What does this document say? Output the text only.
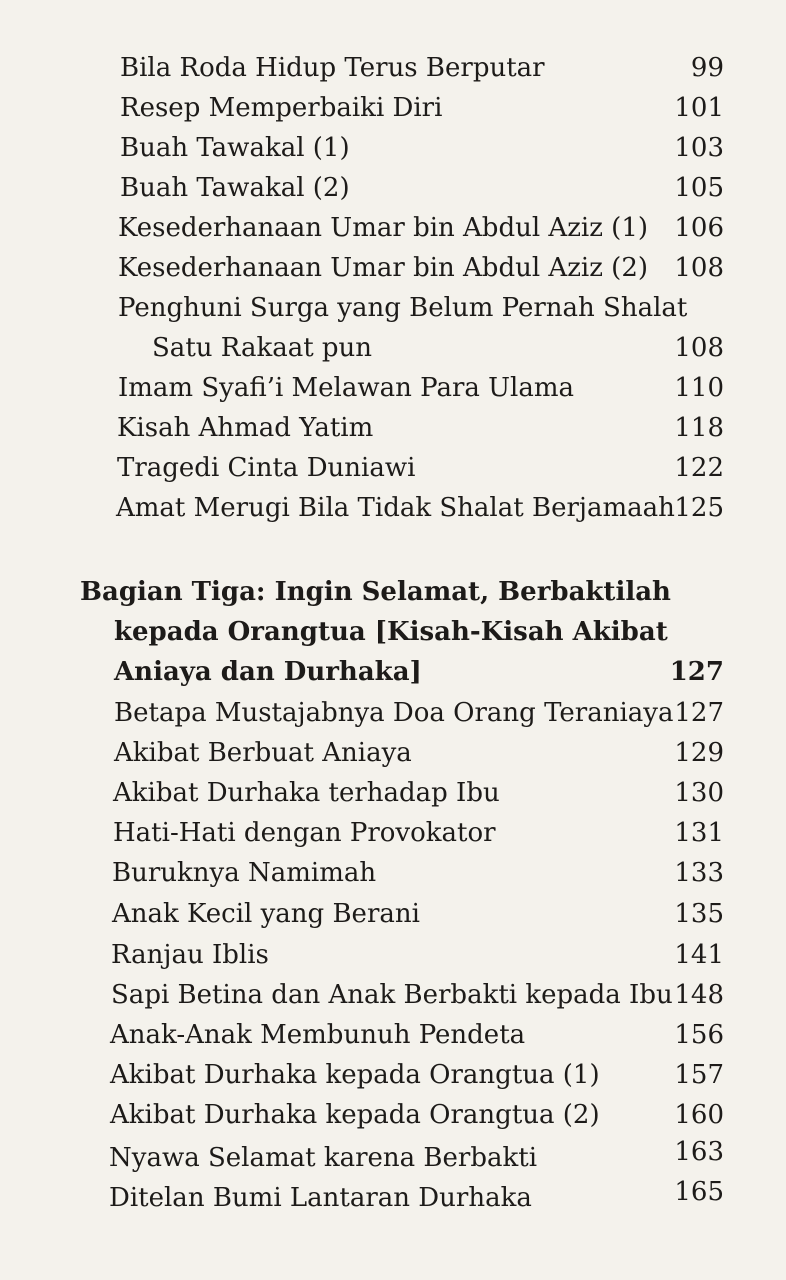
Bila Roda Hidup Terus Berputar	99
Resep Memperbaiki Diri	101
Buah Tawakal (1)	103
Buah Tawakal (2)	105
Kesederhanaan Umar bin Abdul Aziz (1) 106
Kesederhanaan Umar bin Abdul Aziz (2) 108
Penghuni Surga yang Belum Pernah Shalat
Satu Rakaat pun	108
Imam Syafi’i Melawan Para Ulama	110
Kisah Ahmad Yatim	118
Tragedi Cinta Duniawi	122
Amat Merugi Bila Tidak Shalat Berjamaah 125
Bagian Tiga: Ingin Selamat, Berbaktilah
kepada Orangtua [Kisah-Kisah Akibat
Aniaya dan Durhaka]	127
Betapa Mustajabnya Doa Orang Teraniaya 127
Akibat Berbuat Aniaya	129
Akibat Durhaka terhadap Ibu	130
Hati-Hati dengan Provokator	131
Buruknya Namimah	133
Anak Kecil yang Berani	135
Ranjau Iblis	141
Sapi Betina dan Anak Berbakti kepada Ibu 148
Anak-Anak Membunuh Pendeta	156
Akibat Durhaka kepada Orangtua (1)	157
Akibat Durhaka kepada Orangtua (2)	160
Nyawa Selamat karena Berbakti	163
Ditelan Bumi Lantaran Durhaka	165
